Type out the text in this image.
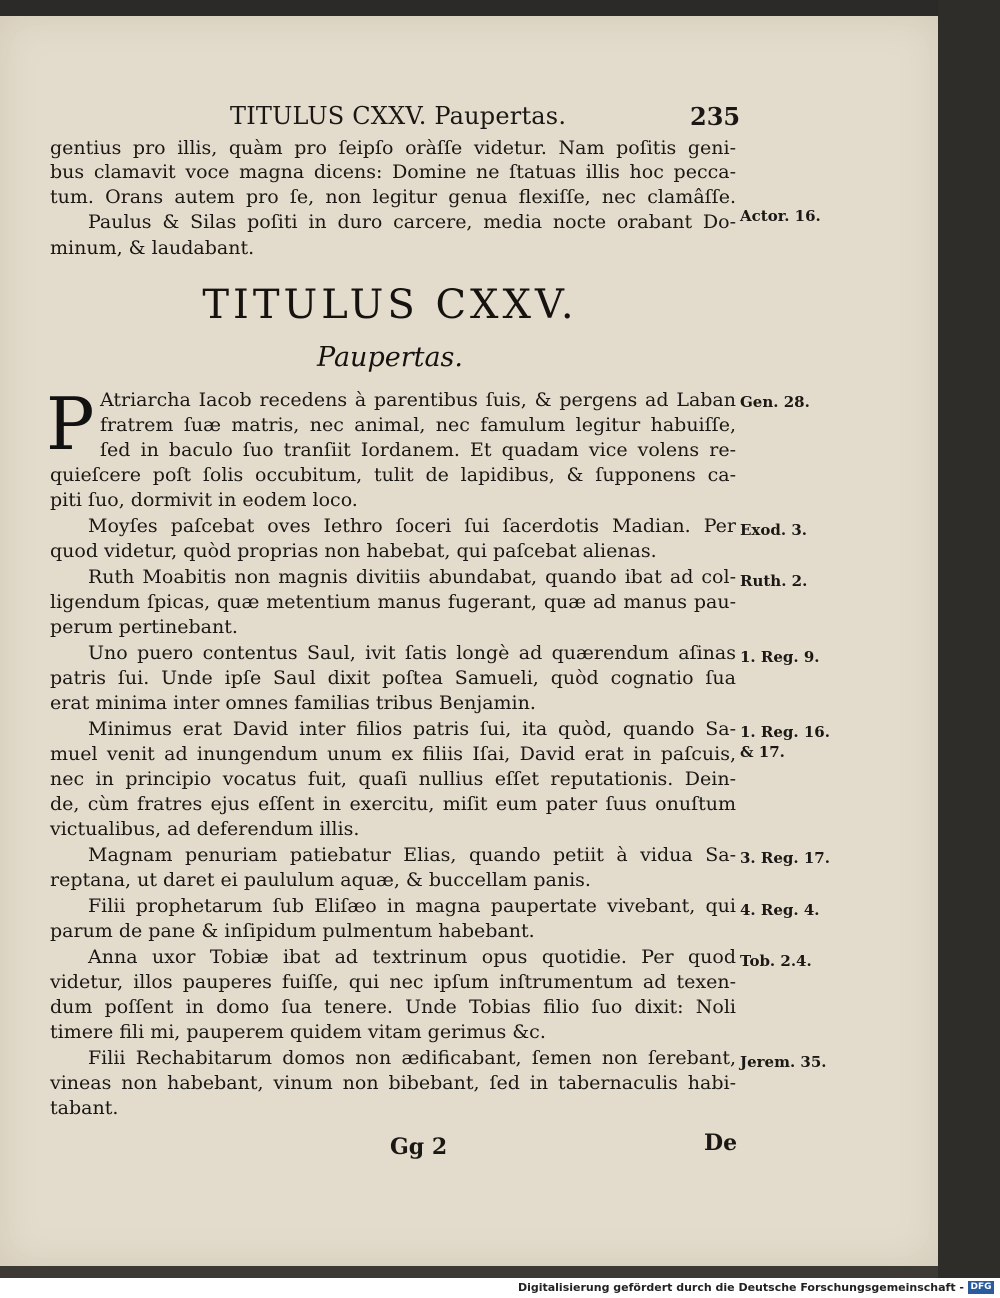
TITULUS CXXV. Paupertas.	235
gentius pro illis, quàm pro ſeipſo oràſſe videtur. Nam poſitis geni-
bus clamavit voce magna dicens: Domine ne ſtatuas illis hoc pecca-
tum. Orans autem pro ſe, non legitur genua flexiſſe, nec clamâſſe.
Paulus & Silas poſiti in duro carcere, media nocte orabant Do-
minum, & laudabant.
Actor. 16.
TITULUS CXXV.
Paupertas.
P Atriarcha Iacob recedens à parentibus ſuis, & pergens ad Laban
fratrem ſuæ matris, nec animal, nec famulum legitur habuiſſe,
ſed in baculo ſuo tranſiit Iordanem. Et quadam vice volens re-
quieſcere poſt ſolis occubitum, tulit de lapidibus, & ſupponens ca-
piti ſuo, dormivit in eodem loco.
Moyſes paſcebat oves Iethro ſoceri ſui ſacerdotis Madian. Per
quod videtur, quòd proprias non habebat, qui paſcebat alienas.
Ruth Moabitis non magnis divitiis abundabat, quando ibat ad col-
ligendum ſpicas, quæ metentium manus fugerant, quæ ad manus pau-
perum pertinebant.
Uno puero contentus Saul, ivit ſatis longè ad quærendum aſinas
patris ſui. Unde ipſe Saul dixit poſtea Samueli, quòd cognatio ſua
erat minima inter omnes familias tribus Benjamin.
Minimus erat David inter filios patris ſui, ita quòd, quando Sa-
muel venit ad inungendum unum ex filiis Iſai, David erat in paſcuis,
nec in principio vocatus fuit, quaſi nullius eſſet reputationis. Dein-
de, cùm fratres ejus eſſent in exercitu, miſit eum pater ſuus onuſtum
victualibus, ad deferendum illis.
Magnam penuriam patiebatur Elias, quando petiit à vidua Sa-
reptana, ut daret ei paululum aquæ, & buccellam panis.
Filii prophetarum ſub Eliſæo in magna paupertate vivebant, qui
parum de pane & inſipidum pulmentum habebant.
Anna uxor Tobiæ ibat ad textrinum opus quotidie. Per quod
videtur, illos pauperes fuiſſe, qui nec ipſum inſtrumentum ad texen-
dum poſſent in domo ſua tenere. Unde Tobias filio ſuo dixit: Noli
timere fili mi, pauperem quidem vitam gerimus &c.
Filii Rechabitarum domos non ædificabant, ſemen non ſerebant,
vineas non habebant, vinum non bibebant, ſed in tabernaculis habi-
tabant.
Gen. 28.
Exod. 3.
Ruth. 2.
1. Reg. 9.
1. Reg. 16.
& 17.
3. Reg. 17.
4. Reg. 4.
Tob. 2.4.
Jerem. 35.
Gg 2	De
Digitalisierung gefördert durch die Deutsche Forschungsgemeinschaft - DFG
